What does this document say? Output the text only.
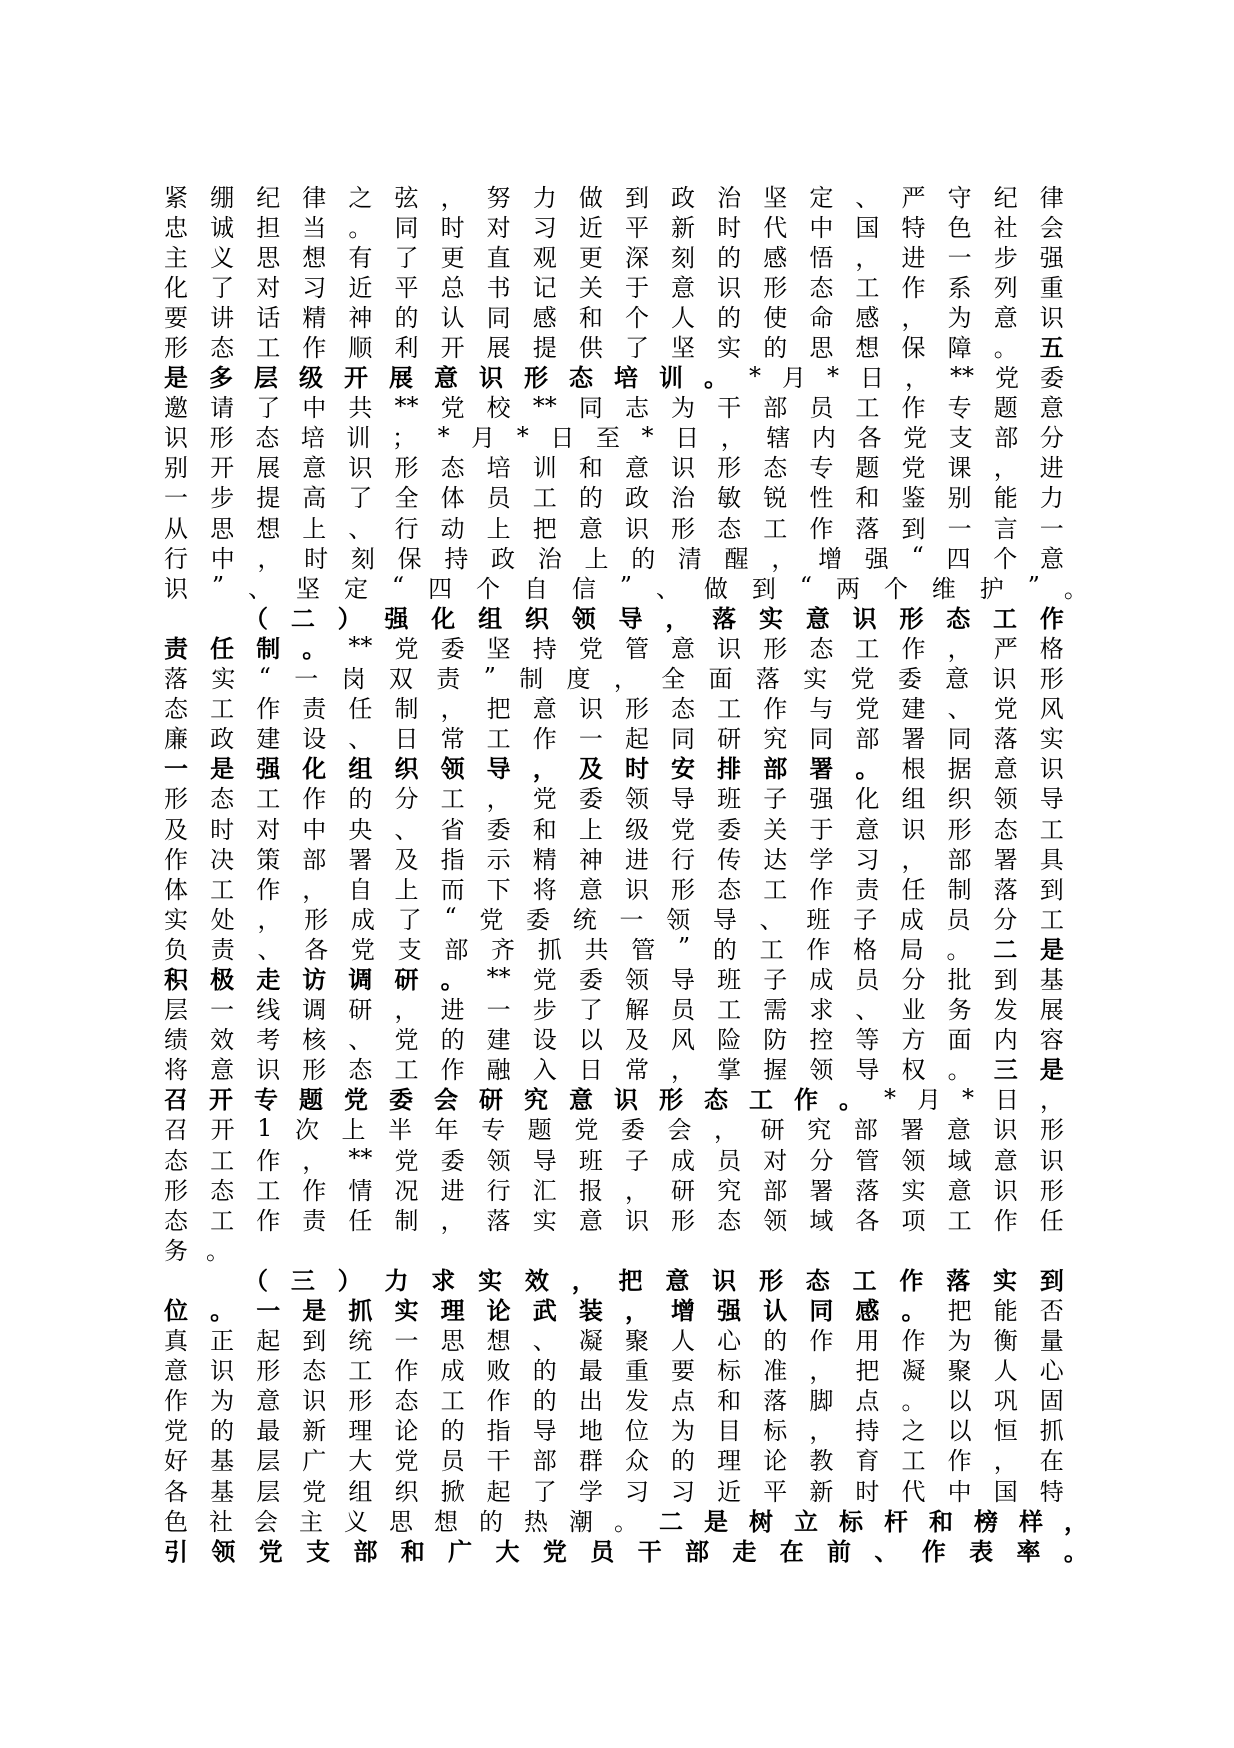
紧 绷 纪 律 之 弦 ， 努 力 做 到 政 治 坚 定 、 严 守 纪 律
忠 诚 担 当 。 同 时 对 习 近 平 新 时 代 中 国 特 色 社 会
主 义 思 想 有 了 更 直 观 更 深 刻 的 感 悟 ， 进 一 步 强
化 了 对 习 近 平 总 书 记 关 于 意 识 形 态 工 作 系 列 重
要 讲 话 精 神 的 认 同 感 和 个 人 的 使 命 感 ， 为 意 识
形 态 工 作 顺 利 开 展 提 供 了 坚 实 的 思 想 保 障 。 五
是 多 层 级 开 展 意 识 形 态 培 训 。 * 月 * 日 ， ** 党 委
邀 请 了 中 共 ** 党 校 ** 同 志 为 干 部 员 工 作 专 题 意
识 形 态 培 训 ； * 月 * 日 至 * 日 ， 辖 内 各 党 支 部 分
别 开 展 意 识 形 态 培 训 和 意 识 形 态 专 题 党 课 ， 进
一 步 提 高 了 全 体 员 工 的 政 治 敏 锐 性 和 鉴 别 能 力
从 思 想 上 、 行 动 上 把 意 识 形 态 工 作 落 到 一 言 一
行 中 ， 时 刻 保 持 政 治 上 的 清 醒 ， 增 强 “ 四 个 意
识 ” 、 坚 定 “ 四 个 自 信 ” 、 做 到 “ 两 个 维 护 ” 。
（ 二 ） 强 化 组 织 领 导 ， 落 实 意 识 形 态 工 作
责 任 制 。 ** 党 委 坚 持 党 管 意 识 形 态 工 作 ， 严 格
落 实 “ 一 岗 双 责 ” 制 度 ， 全 面 落 实 党 委 意 识 形
态 工 作 责 任 制 ， 把 意 识 形 态 工 作 与 党 建 、 党 风
廉 政 建 设 、 日 常 工 作 一 起 同 研 究 同 部 署 同 落 实
一 是 强 化 组 织 领 导 ， 及 时 安 排 部 署 。 根 据 意 识
形 态 工 作 的 分 工 ， 党 委 领 导 班 子 强 化 组 织 领 导
及 时 对 中 央 、 省 委 和 上 级 党 委 关 于 意 识 形 态 工
作 决 策 部 署 及 指 示 精 神 进 行 传 达 学 习 ， 部 署 具
体 工 作 ， 自 上 而 下 将 意 识 形 态 工 作 责 任 制 落 到
实 处 ， 形 成 了 “ 党 委 统 一 领 导 、 班 子 成 员 分 工
负 责 、 各 党 支 部 齐 抓 共 管 ” 的 工 作 格 局 。 二 是
积 极 走 访 调 研 。 ** 党 委 领 导 班 子 成 员 分 批 到 基
层 一 线 调 研 ， 进 一 步 了 解 员 工 需 求 、 业 务 发 展
绩 效 考 核 、 党 的 建 设 以 及 风 险 防 控 等 方 面 内 容
将 意 识 形 态 工 作 融 入 日 常 ， 掌 握 领 导 权 。 三 是
召 开 专 题 党 委 会 研 究 意 识 形 态 工 作 。 * 月 * 日 ，
召 开 1 次 上 半 年 专 题 党 委 会 ， 研 究 部 署 意 识 形
态 工 作 ， ** 党 委 领 导 班 子 成 员 对 分 管 领 域 意 识
形 态 工 作 情 况 进 行 汇 报 ， 研 究 部 署 落 实 意 识 形
态 工 作 责 任 制 ， 落 实 意 识 形 态 领 域 各 项 工 作 任
务 。
（ 三 ） 力 求 实 效 ， 把 意 识 形 态 工 作 落 实 到
位 。 一 是 抓 实 理 论 武 装 ， 增 强 认 同 感 。 把 能 否
真 正 起 到 统 一 思 想 、 凝 聚 人 心 的 作 用 作 为 衡 量
意 识 形 态 工 作 成 败 的 最 重 要 标 准 ， 把 凝 聚 人 心
作 为 意 识 形 态 工 作 的 出 发 点 和 落 脚 点 。 以 巩 固
党 的 最 新 理 论 的 指 导 地 位 为 目 标 ， 持 之 以 恒 抓
好 基 层 广 大 党 员 干 部 群 众 的 理 论 教 育 工 作 ， 在
各 基 层 党 组 织 掀 起 了 学 习 习 近 平 新 时 代 中 国 特
色 社 会 主 义 思 想 的 热 潮 。 二 是 树 立 标 杆 和 榜 样 ，
引 领 党 支 部 和 广 大 党 员 干 部 走 在 前 、 作 表 率 。
